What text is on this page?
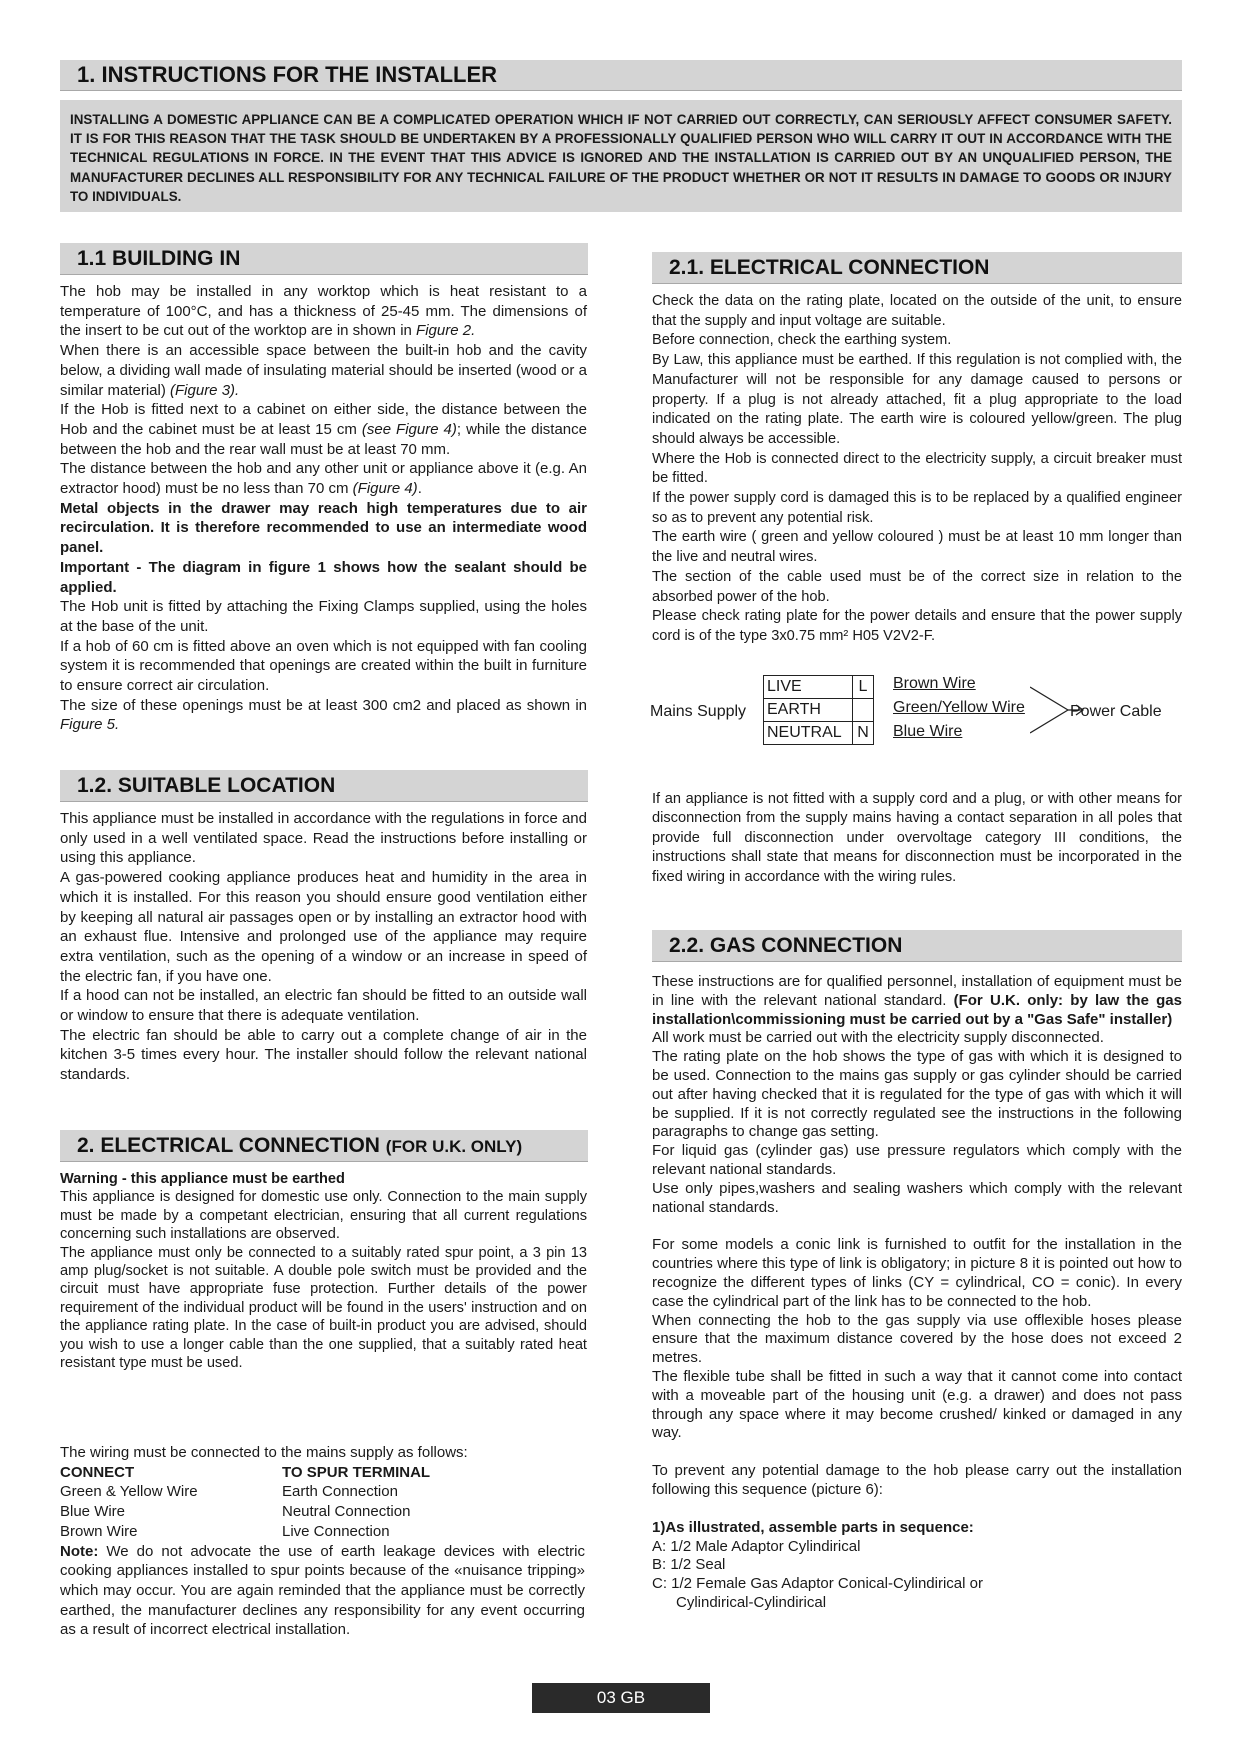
1. INSTRUCTIONS FOR THE INSTALLER
INSTALLING A DOMESTIC APPLIANCE CAN BE A COMPLICATED OPERATION WHICH IF NOT CARRIED OUT CORRECTLY, CAN SERIOUSLY AFFECT CONSUMER SAFETY. IT IS FOR THIS REASON THAT THE TASK SHOULD BE UNDERTAKEN BY A PROFESSIONALLY QUALIFIED PERSON WHO WILL CARRY IT OUT IN ACCORDANCE WITH THE TECHNICAL REGULATIONS IN FORCE. IN THE EVENT THAT THIS ADVICE IS IGNORED AND THE INSTALLATION IS CARRIED OUT BY AN UNQUALIFIED PERSON, THE MANUFACTURER DECLINES ALL RESPONSIBILITY FOR ANY TECHNICAL FAILURE OF THE PRODUCT WHETHER OR NOT IT RESULTS IN DAMAGE TO GOODS OR INJURY TO INDIVIDUALS.
1.1 BUILDING IN

The hob may be installed in any worktop which is heat resistant to a temperature of 100°C, and has a thickness of 25-45 mm. The dimensions of the insert to be cut out of the worktop are in shown in Figure 2.

When there is an accessible space between the built-in hob and the cavity below, a dividing wall made of insulating material should be inserted (wood or a similar material) (Figure 3).

If the Hob is fitted next to a cabinet on either side, the distance between the Hob and the cabinet must be at least 15 cm (see Figure 4); while the distance between the hob and the rear wall must be at least 70 mm.

The distance between the hob and any other unit or appliance above it (e.g. An extractor hood) must be no less than 70 cm (Figure 4).

Metal objects in the drawer may reach high temperatures due to air recirculation. It is therefore recommended to use an intermediate wood panel.

Important - The diagram in figure 1 shows how the sealant should be applied.

The Hob unit is fitted by attaching the Fixing Clamps supplied, using the holes at the base of the unit.

If a hob of 60 cm is fitted above an oven which is not equipped with fan cooling system it is recommended that openings are created within the built in furniture to ensure correct air circulation.

The size of these openings must be at least 300 cm2 and placed as shown in Figure 5.

1.2. SUITABLE LOCATION

This appliance must be installed in accordance with the regulations in force and only used in a well ventilated space. Read the instructions before installing or using this appliance.

A gas-powered cooking appliance produces heat and humidity in the area in which it is installed. For this reason you should ensure good ventilation either by keeping all natural air passages open or by installing an extractor hood with an exhaust flue. Intensive and prolonged use of the appliance may require extra ventilation, such as the opening of a window or an increase in speed of the electric fan, if you have one.

If a hood can not be installed, an electric fan should be fitted to an outside wall or window to ensure that there is adequate ventilation.

The electric fan should be able to carry out a complete change of air in the kitchen 3-5 times every hour. The installer should follow the relevant national standards.

2. ELECTRICAL CONNECTION (FOR U.K. ONLY)

Warning - this appliance must be earthed

This appliance is designed for domestic use only. Connection to the main supply must be made by a competant electrician, ensuring that all current regulations concerning such installations are observed.

The appliance must only be connected to a suitably rated spur point, a 3 pin 13 amp plug/socket is not suitable. A double pole switch must be provided and the circuit must have appropriate fuse protection. Further details of the power requirement of the individual product will be found in the users' instruction and on the appliance rating plate. In the case of built-in product you are advised, should you wish to use a longer cable than the one supplied, that a suitably rated heat resistant type must be used.

The wiring must be connected to the mains supply as follows:

CONNECT	TO SPUR TERMINAL
Green & Yellow Wire	Earth Connection
Blue Wire	Neutral Connection
Brown Wire	Live Connection

Note: We do not advocate the use of earth leakage devices with electric cooking appliances installed to spur points because of the «nuisance tripping» which may occur. You are again reminded that the appliance must be correctly earthed, the manufacturer declines any responsibility for any event occurring as a result of incorrect electrical installation.

2.1. ELECTRICAL CONNECTION

Check the data on the rating plate, located on the outside of the unit, to ensure that the supply and input voltage are suitable.

Before connection, check the earthing system.

By Law, this appliance must be earthed. If this regulation is not complied with, the Manufacturer will not be responsible for any damage caused to persons or property. If a plug is not already attached, fit a plug appropriate to the load indicated on the rating plate. The earth wire is coloured yellow/green. The plug should always be accessible.

Where the Hob is connected direct to the electricity supply, a circuit breaker must be fitted.

If the power supply cord is damaged this is to be replaced by a qualified engineer so as to prevent any potential risk.

The earth wire ( green and yellow coloured ) must be at least 10 mm longer than the live and neutral wires.

The section of the cable used must be of the correct size in relation to the absorbed power of the hob.

Please check rating plate for the power details and ensure that the power supply cord is of the type 3x0.75 mm² H05 V2V2-F.

Mains Supply
LIVE	L
EARTH	
NEUTRAL	N
Brown Wire
Green/Yellow Wire
Blue Wire
Power Cable

If an appliance is not fitted with a supply cord and a plug, or with other means for disconnection from the supply mains having a contact separation in all poles that provide full disconnection under overvoltage category III conditions, the instructions shall state that means for disconnection must be incorporated in the fixed wiring in accordance with the wiring rules.

2.2. GAS CONNECTION

These instructions are for qualified personnel, installation of equipment must be in line with the relevant national standard. (For U.K. only: by law the gas installation\commissioning must be carried out by a "Gas Safe" installer)

All work must be carried out with the electricity supply disconnected.

The rating plate on the hob shows the type of gas with which it is designed to be used. Connection to the mains gas supply or gas cylinder should be carried out after having checked that it is regulated for the type of gas with which it will be supplied. If it is not correctly regulated see the instructions in the following paragraphs to change gas setting.

For liquid gas (cylinder gas) use pressure regulators which comply with the relevant national standards.

Use only pipes,washers and sealing washers which comply with the relevant national standards.

For some models a conic link is furnished to outfit for the installation in the countries where this type of link is obligatory; in picture 8 it is pointed out how to recognize the different types of links (CY = cylindrical, CO = conic). In every case the cylindrical part of the link has to be connected to the hob.

When connecting the hob to the gas supply via use offlexible hoses please ensure that the maximum distance covered by the hose does not exceed 2 metres.

The flexible tube shall be fitted in such a way that it cannot come into contact with a moveable part of the housing unit (e.g. a drawer) and does not pass through any space where it may become crushed/ kinked or damaged in any way.

To prevent any potential damage to the hob please carry out the installation following this sequence (picture 6):

1)As illustrated, assemble parts in sequence:

A: 1/2 Male Adaptor Cylindirical

B: 1/2 Seal

C: 1/2 Female Gas Adaptor Conical-Cylindirical or

Cylindirical-Cylindirical

03 GB
